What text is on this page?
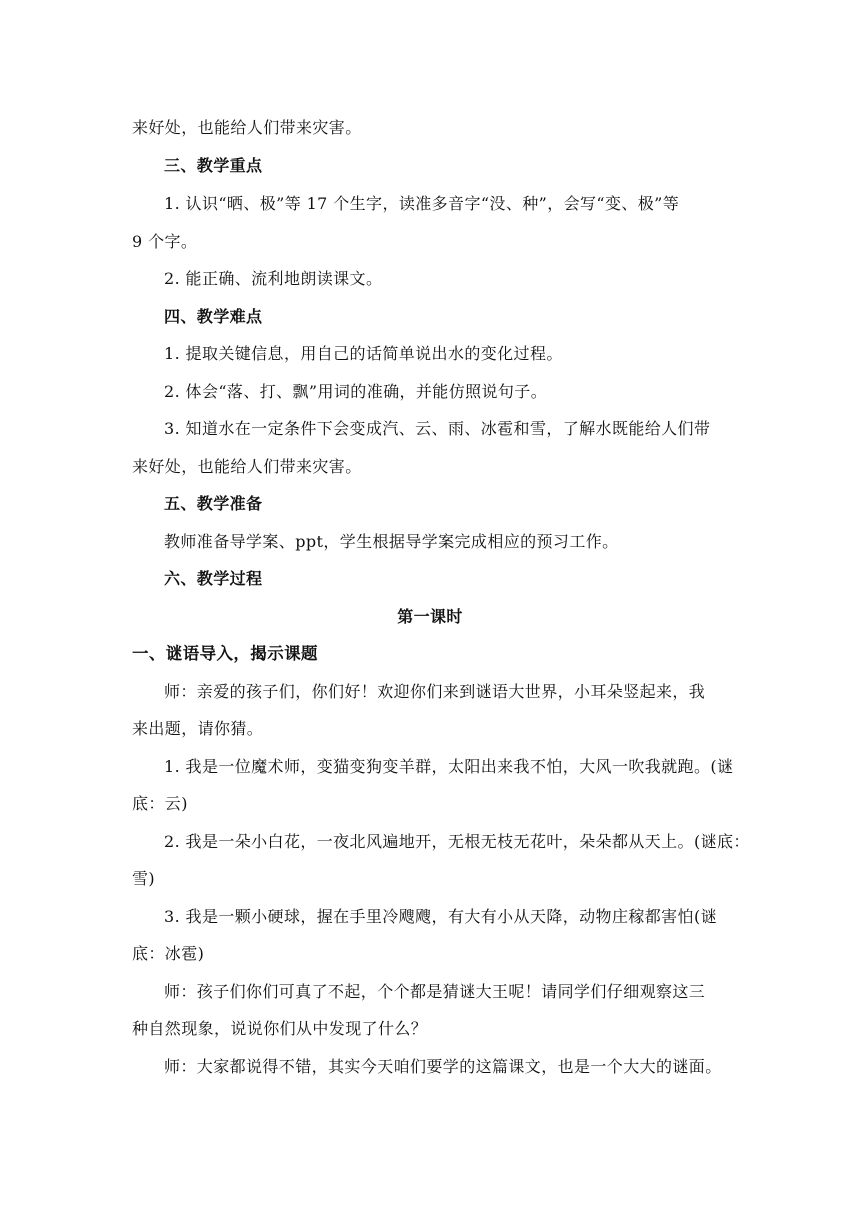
来好处，也能给人们带来灾害。
三、教学重点
1. 认识“晒、极”等 17 个生字，读准多音字“没、种”，会写“变、极”等
9 个字。
2. 能正确、流利地朗读课文。
四、教学难点
1. 提取关键信息，用自己的话简单说出水的变化过程。
2. 体会“落、打、飘”用词的准确，并能仿照说句子。
3. 知道水在一定条件下会变成汽、云、雨、冰雹和雪，了解水既能给人们带
来好处，也能给人们带来灾害。
五、教学准备
教师准备导学案、ppt，学生根据导学案完成相应的预习工作。
六、教学过程
第一课时
一、谜语导入，揭示课题
师：亲爱的孩子们，你们好！欢迎你们来到谜语大世界，小耳朵竖起来，我
来出题，请你猜。
1. 我是一位魔术师，变猫变狗变羊群，太阳出来我不怕，大风一吹我就跑。(谜
底：云)
2. 我是一朵小白花，一夜北风遍地开，无根无枝无花叶，朵朵都从天上。(谜底：
雪)
3. 我是一颗小硬球，握在手里冷飕飕，有大有小从天降，动物庄稼都害怕(谜
底：冰雹)
师：孩子们你们可真了不起，个个都是猜谜大王呢！请同学们仔细观察这三
种自然现象，说说你们从中发现了什么？
师：大家都说得不错，其实今天咱们要学的这篇课文，也是一个大大的谜面。
